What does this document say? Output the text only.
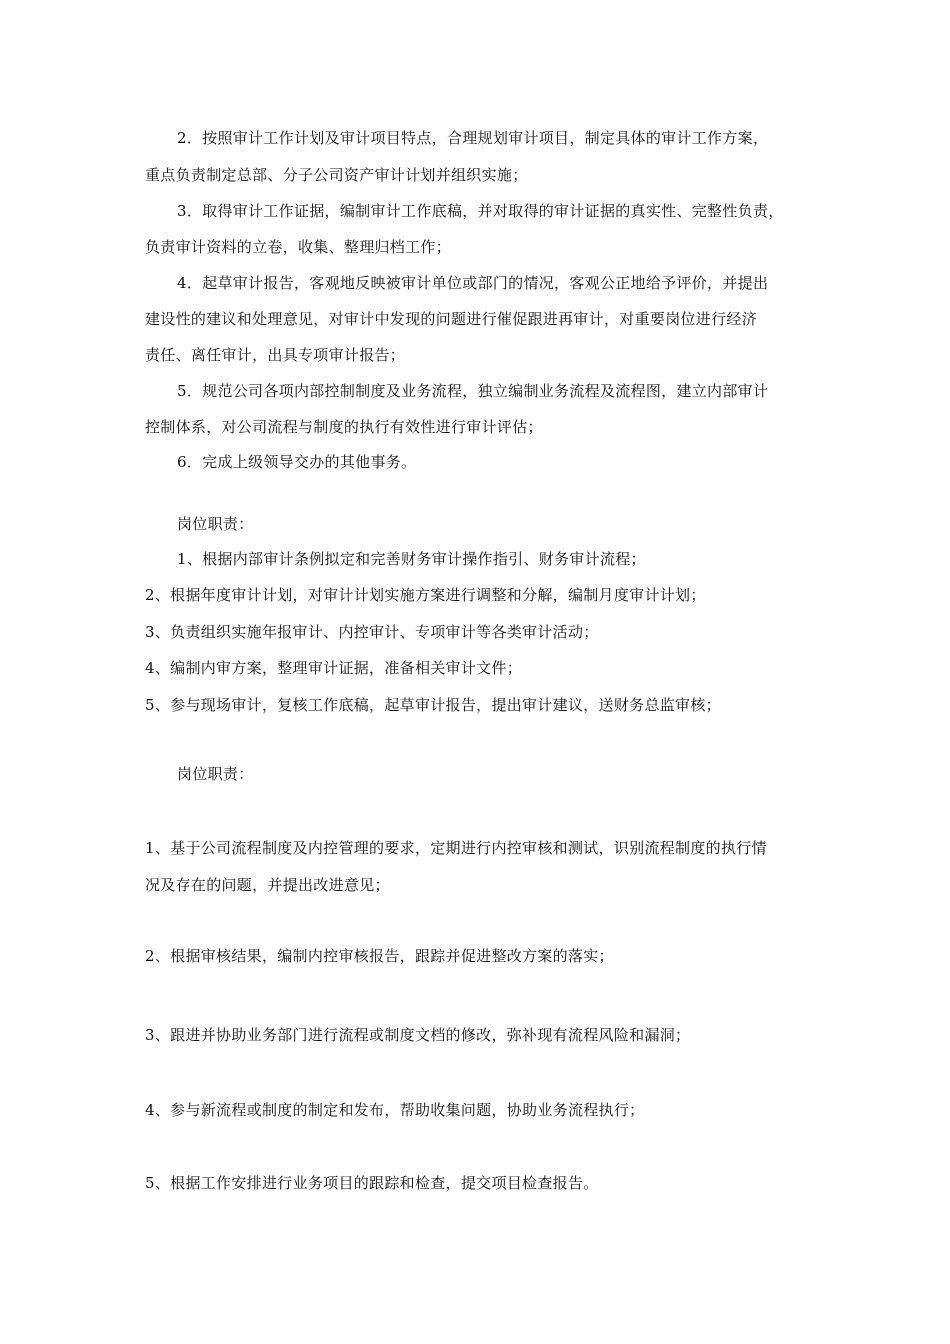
2．按照审计工作计划及审计项目特点，合理规划审计项目，制定具体的审计工作方案，
重点负责制定总部、分子公司资产审计计划并组织实施；
3．取得审计工作证据，编制审计工作底稿，并对取得的审计证据的真实性、完整性负责，
负责审计资料的立卷，收集、整理归档工作；
4．起草审计报告，客观地反映被审计单位或部门的情况，客观公正地给予评价，并提出
建设性的建议和处理意见，对审计中发现的问题进行催促跟进再审计，对重要岗位进行经济
责任、离任审计，出具专项审计报告；
5．规范公司各项内部控制制度及业务流程，独立编制业务流程及流程图，建立内部审计
控制体系，对公司流程与制度的执行有效性进行审计评估；
6．完成上级领导交办的其他事务。
岗位职责：
1、根据内部审计条例拟定和完善财务审计操作指引、财务审计流程；
2、根据年度审计计划，对审计计划实施方案进行调整和分解，编制月度审计计划；
3、负责组织实施年报审计、内控审计、专项审计等各类审计活动；
4、编制内审方案，整理审计证据，准备相关审计文件；
5、参与现场审计，复核工作底稿，起草审计报告，提出审计建议，送财务总监审核；
岗位职责：
1、基于公司流程制度及内控管理的要求，定期进行内控审核和测试，识别流程制度的执行情
况及存在的问题，并提出改进意见；
2、根据审核结果，编制内控审核报告，跟踪并促进整改方案的落实；
3、跟进并协助业务部门进行流程或制度文档的修改，弥补现有流程风险和漏洞；
4、参与新流程或制度的制定和发布，帮助收集问题，协助业务流程执行；
5、根据工作安排进行业务项目的跟踪和检查，提交项目检查报告。
